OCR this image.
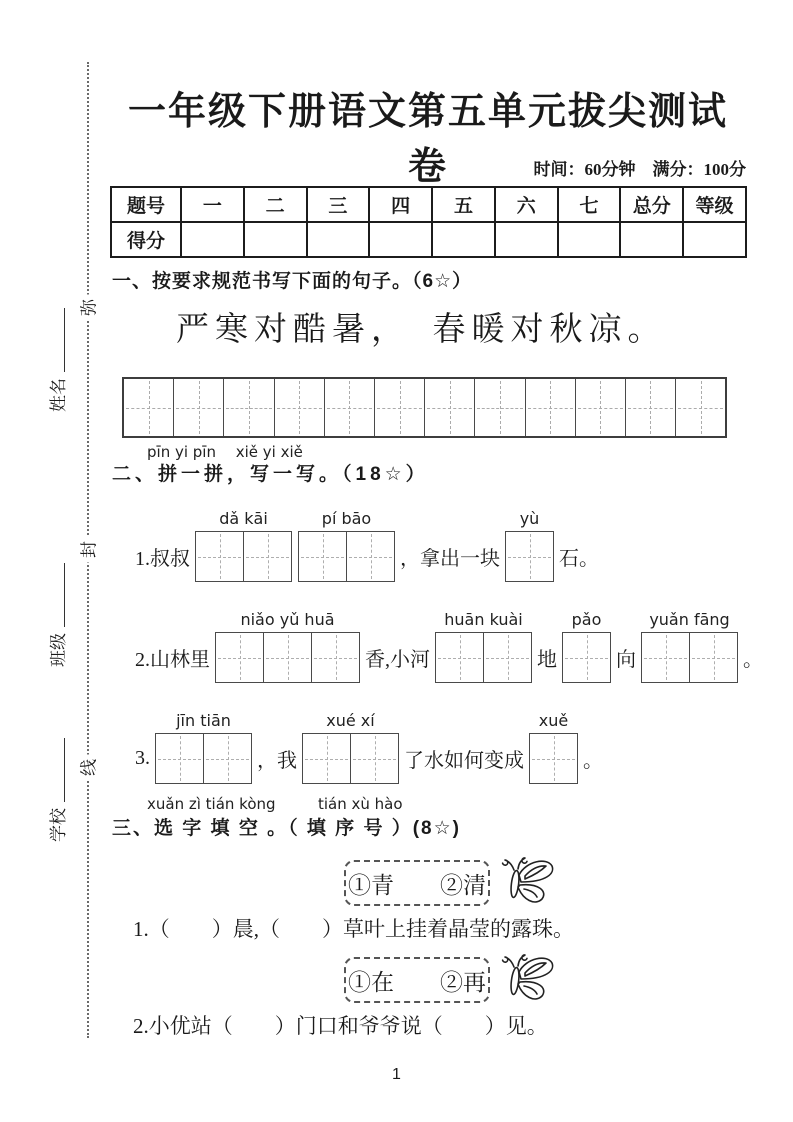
姓名
班级
学校
弥
封
线
一年级下册语文第五单元拔尖测试卷	时间：60分钟　满分：100分
题号	一	二	三	四	五	六	七	总分	等级
得分									
一、按要求规范书写下面的句子。（6☆）
严寒对酷暑，　春暖对秋凉。
pīn yi pīn　 xiě yi xiě
二、拼一拼，写一写。（18☆）
1.叔叔
dǎ kāi	pí bāo
，拿出一块
yù
石。
2.山林里
niǎo yǔ huā
香,小河
huān kuài
地
pǎo
向
yuǎn fāng
。
3.
jīn tiān
，我
xué xí
了水如何变成
xuě
。
xuǎn zì tián kòng	tián xù hào
三、选 字 填 空 。（ 填 序 号 ）(8☆)
①青　　②清
1.（　　）晨,（　　）草叶上挂着晶莹的露珠。
①在　　②再
2.小优站（　　）门口和爷爷说（　　）见。
1
